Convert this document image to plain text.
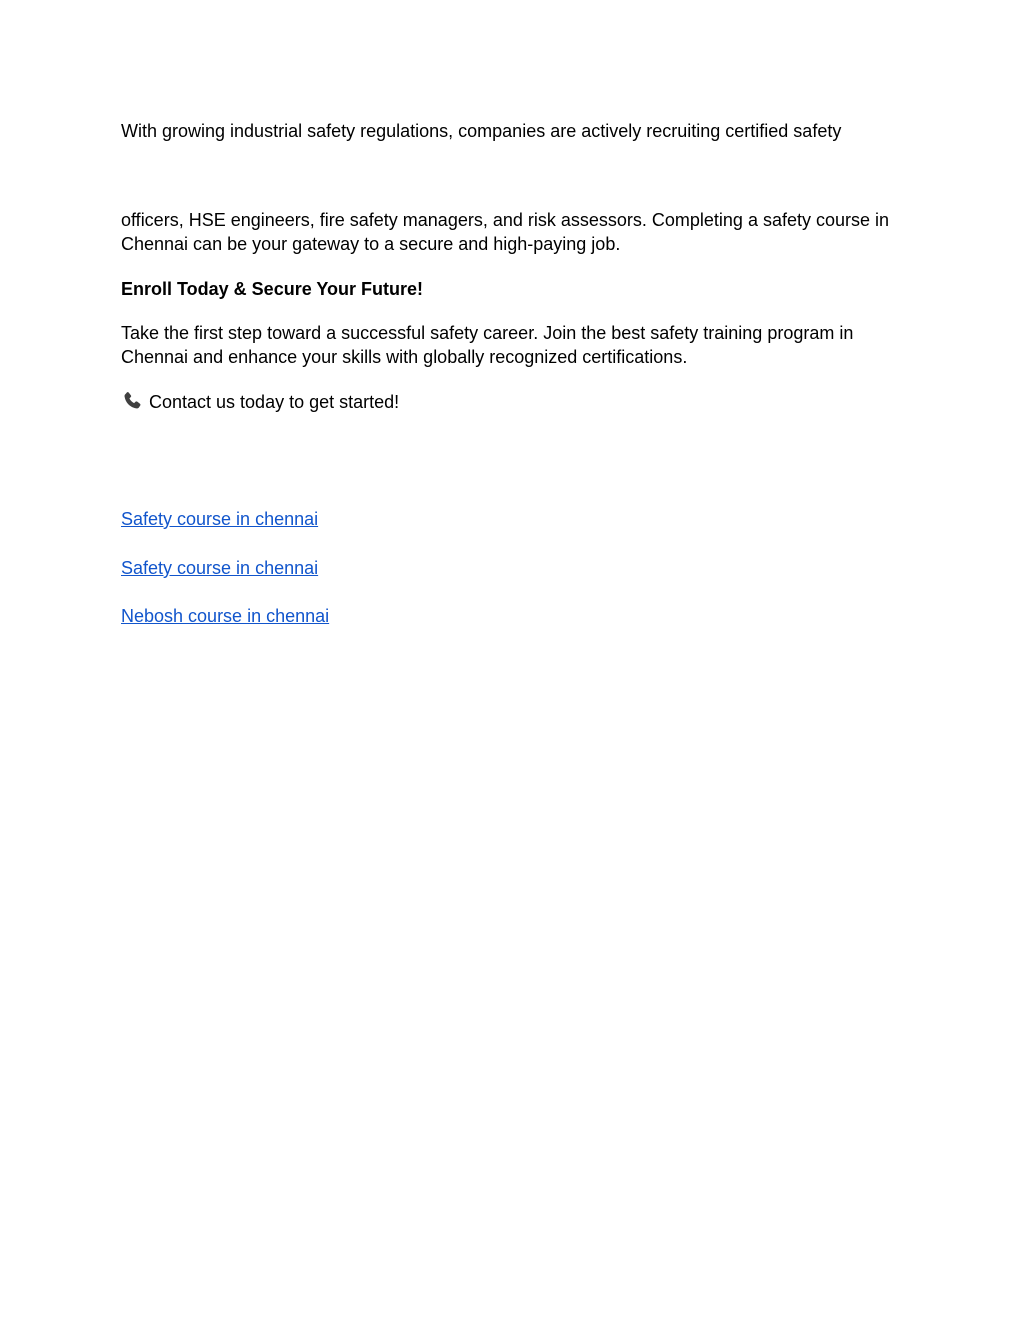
With growing industrial safety regulations, companies are actively recruiting certified safety

officers, HSE engineers, fire safety managers, and risk assessors. Completing a safety course in Chennai can be your gateway to a secure and high-paying job.

Enroll Today & Secure Your Future!

Take the first step toward a successful safety career. Join the best safety training program in Chennai and enhance your skills with globally recognized certifications.

Contact us today to get started!

Safety course in chennai
Safety course in chennai
Nebosh course in chennai
